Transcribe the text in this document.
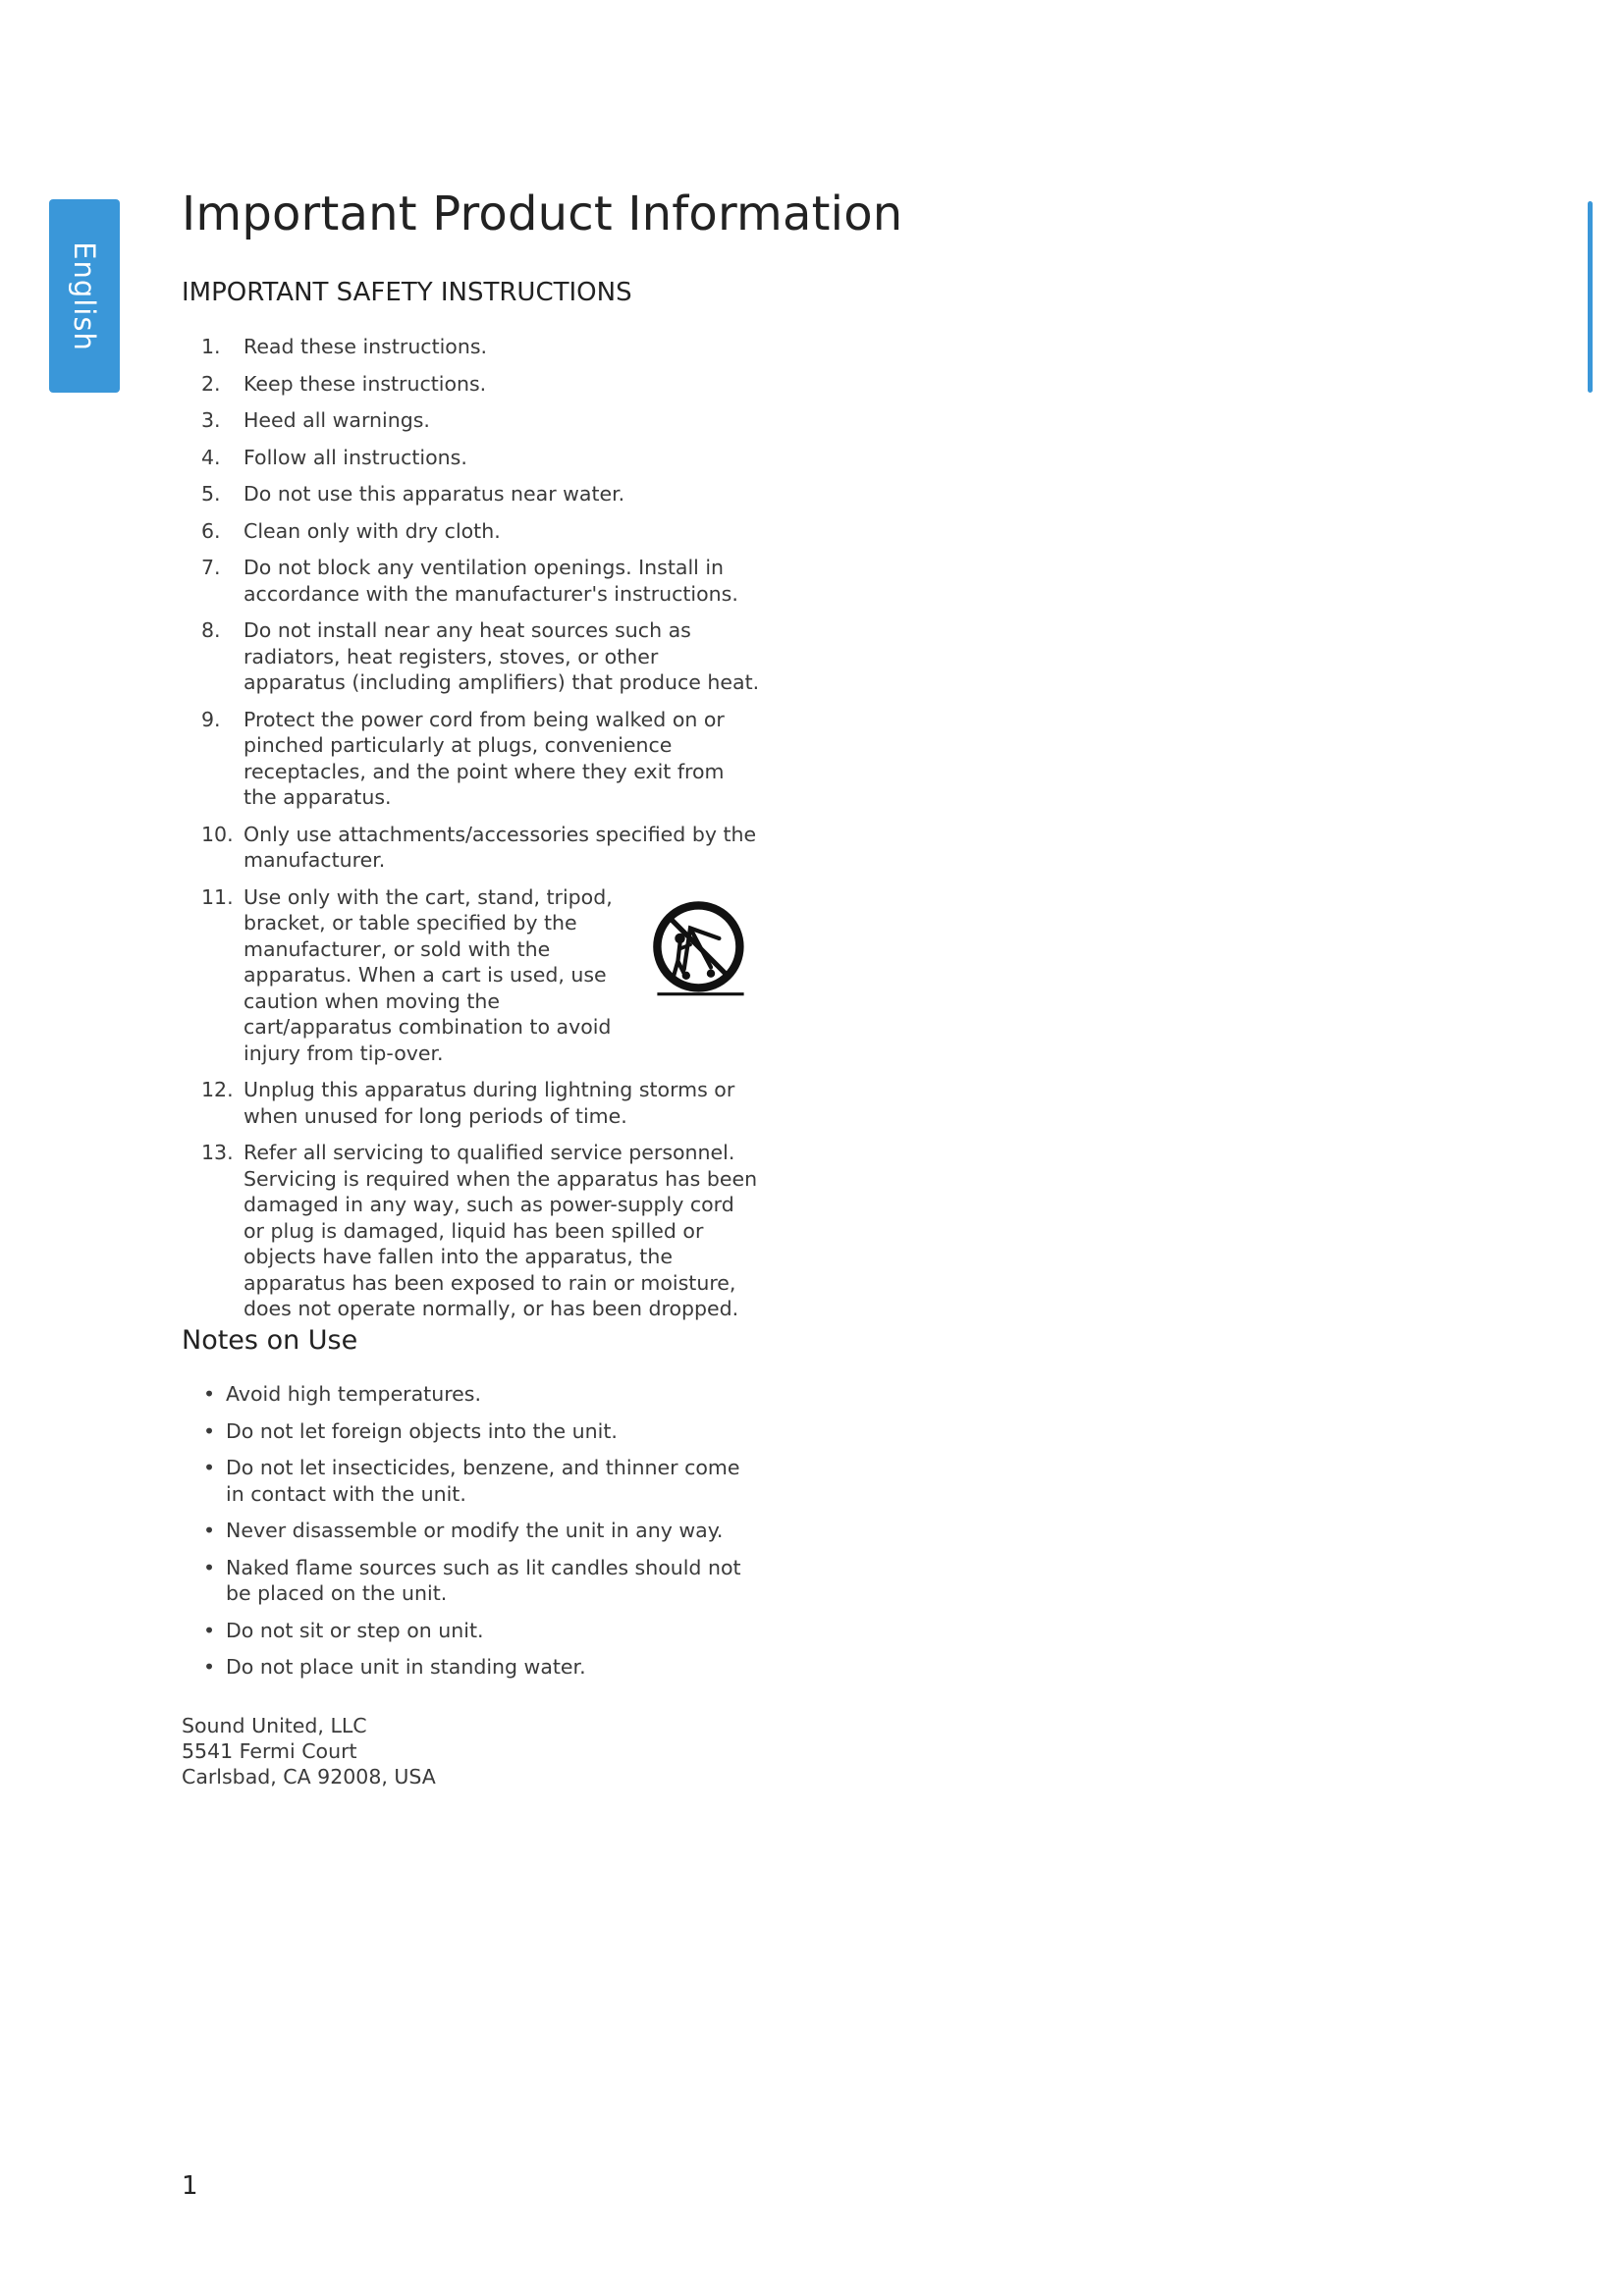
English
Important Product Information
IMPORTANT SAFETY INSTRUCTIONS
1. Read these instructions.
2. Keep these instructions.
3. Heed all warnings.
4. Follow all instructions.
5. Do not use this apparatus near water.
6. Clean only with dry cloth.
7. Do not block any ventilation openings. Install in accordance with the manufacturer's instructions.
8. Do not install near any heat sources such as radiators, heat registers, stoves, or other apparatus (including amplifiers) that produce heat.
9. Protect the power cord from being walked on or pinched particularly at plugs, convenience receptacles, and the point where they exit from the apparatus.
10. Only use attachments/accessories specified by the manufacturer.
11. Use only with the cart, stand, tripod, bracket, or table specified by the manufacturer, or sold with the apparatus. When a cart is used, use caution when moving the cart/apparatus combination to avoid injury from tip-over.
12. Unplug this apparatus during lightning storms or when unused for long periods of time.
13. Refer all servicing to qualified service personnel. Servicing is required when the apparatus has been damaged in any way, such as power-supply cord or plug is damaged, liquid has been spilled or objects have fallen into the apparatus, the apparatus has been exposed to rain or moisture, does not operate normally, or has been dropped.
Notes on Use
• Avoid high temperatures.
• Do not let foreign objects into the unit.
• Do not let insecticides, benzene, and thinner come in contact with the unit.
• Never disassemble or modify the unit in any way.
• Naked flame sources such as lit candles should not be placed on the unit.
• Do not sit or step on unit.
• Do not place unit in standing water.
Sound United, LLC
5541 Fermi Court
Carlsbad, CA 92008, USA
1
